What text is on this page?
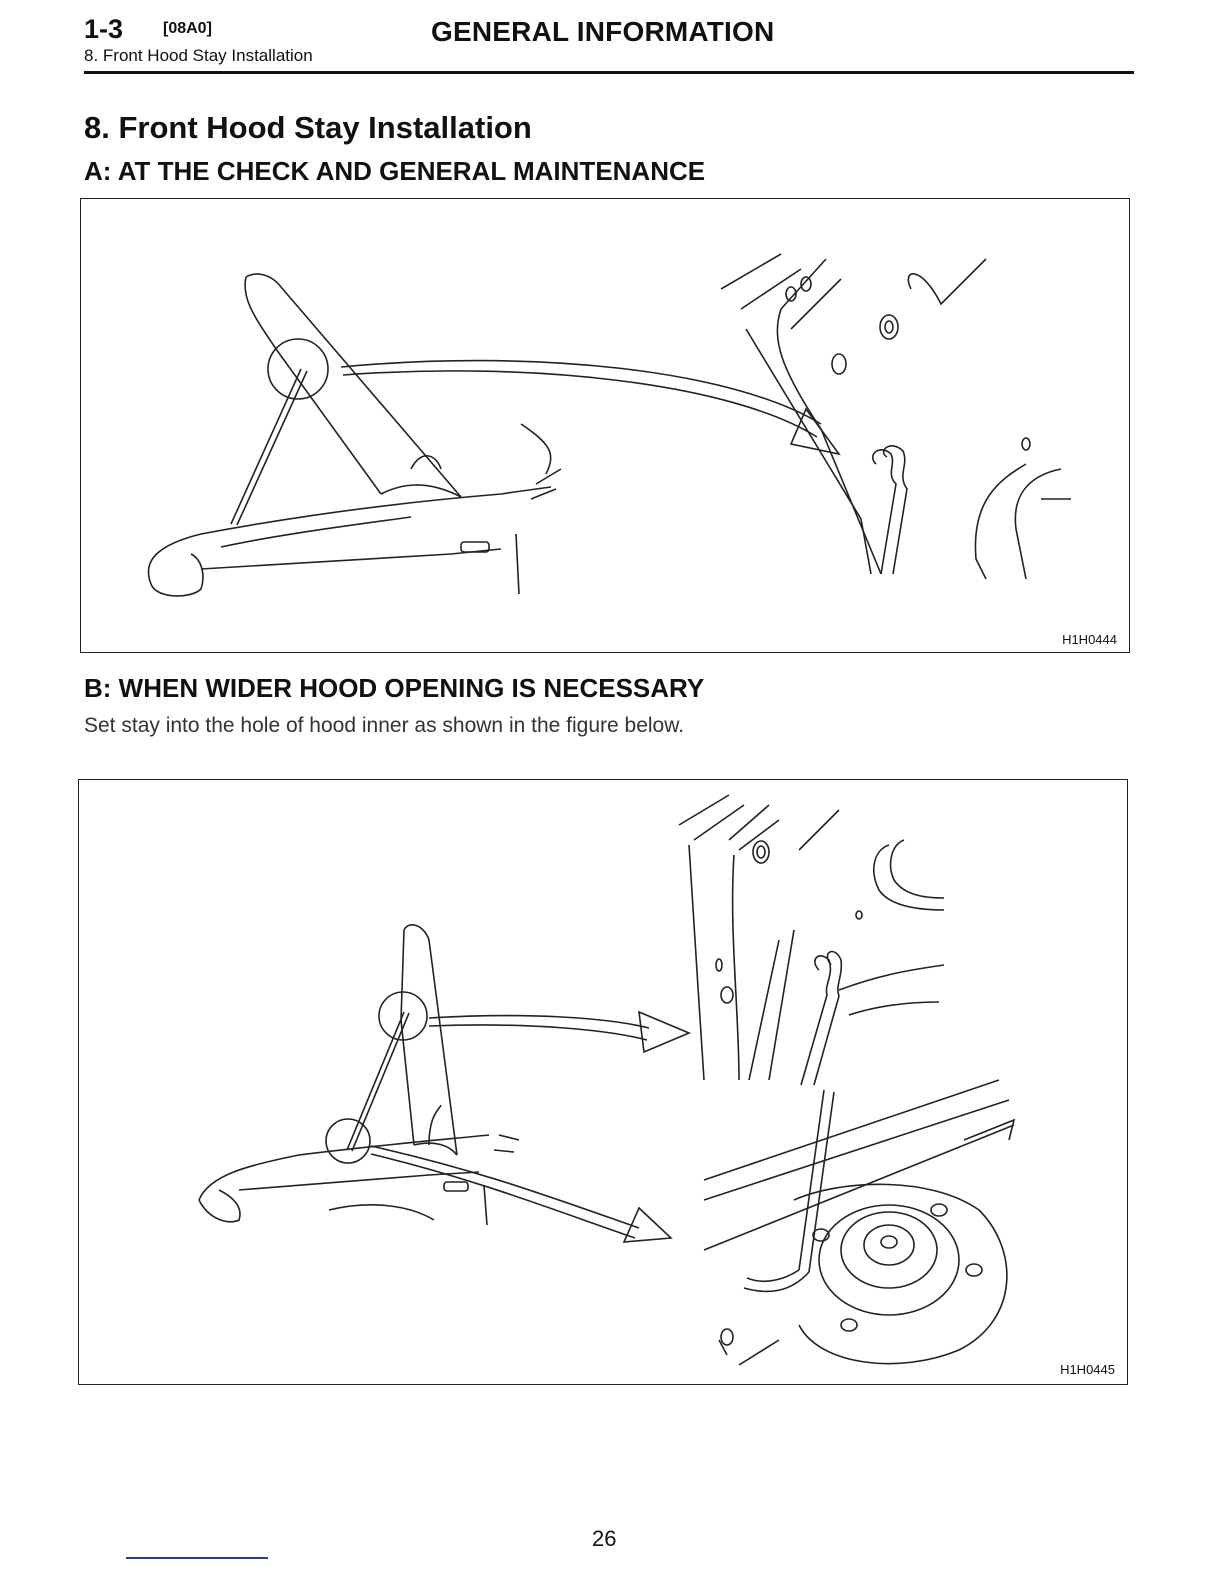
1-3 [08A0]	GENERAL INFORMATION
8. Front Hood Stay Installation
8. Front Hood Stay Installation
A: AT THE CHECK AND GENERAL MAINTENANCE
H1H0444
B: WHEN WIDER HOOD OPENING IS NECESSARY
Set stay into the hole of hood inner as shown in the figure below.
H1H0445
26
